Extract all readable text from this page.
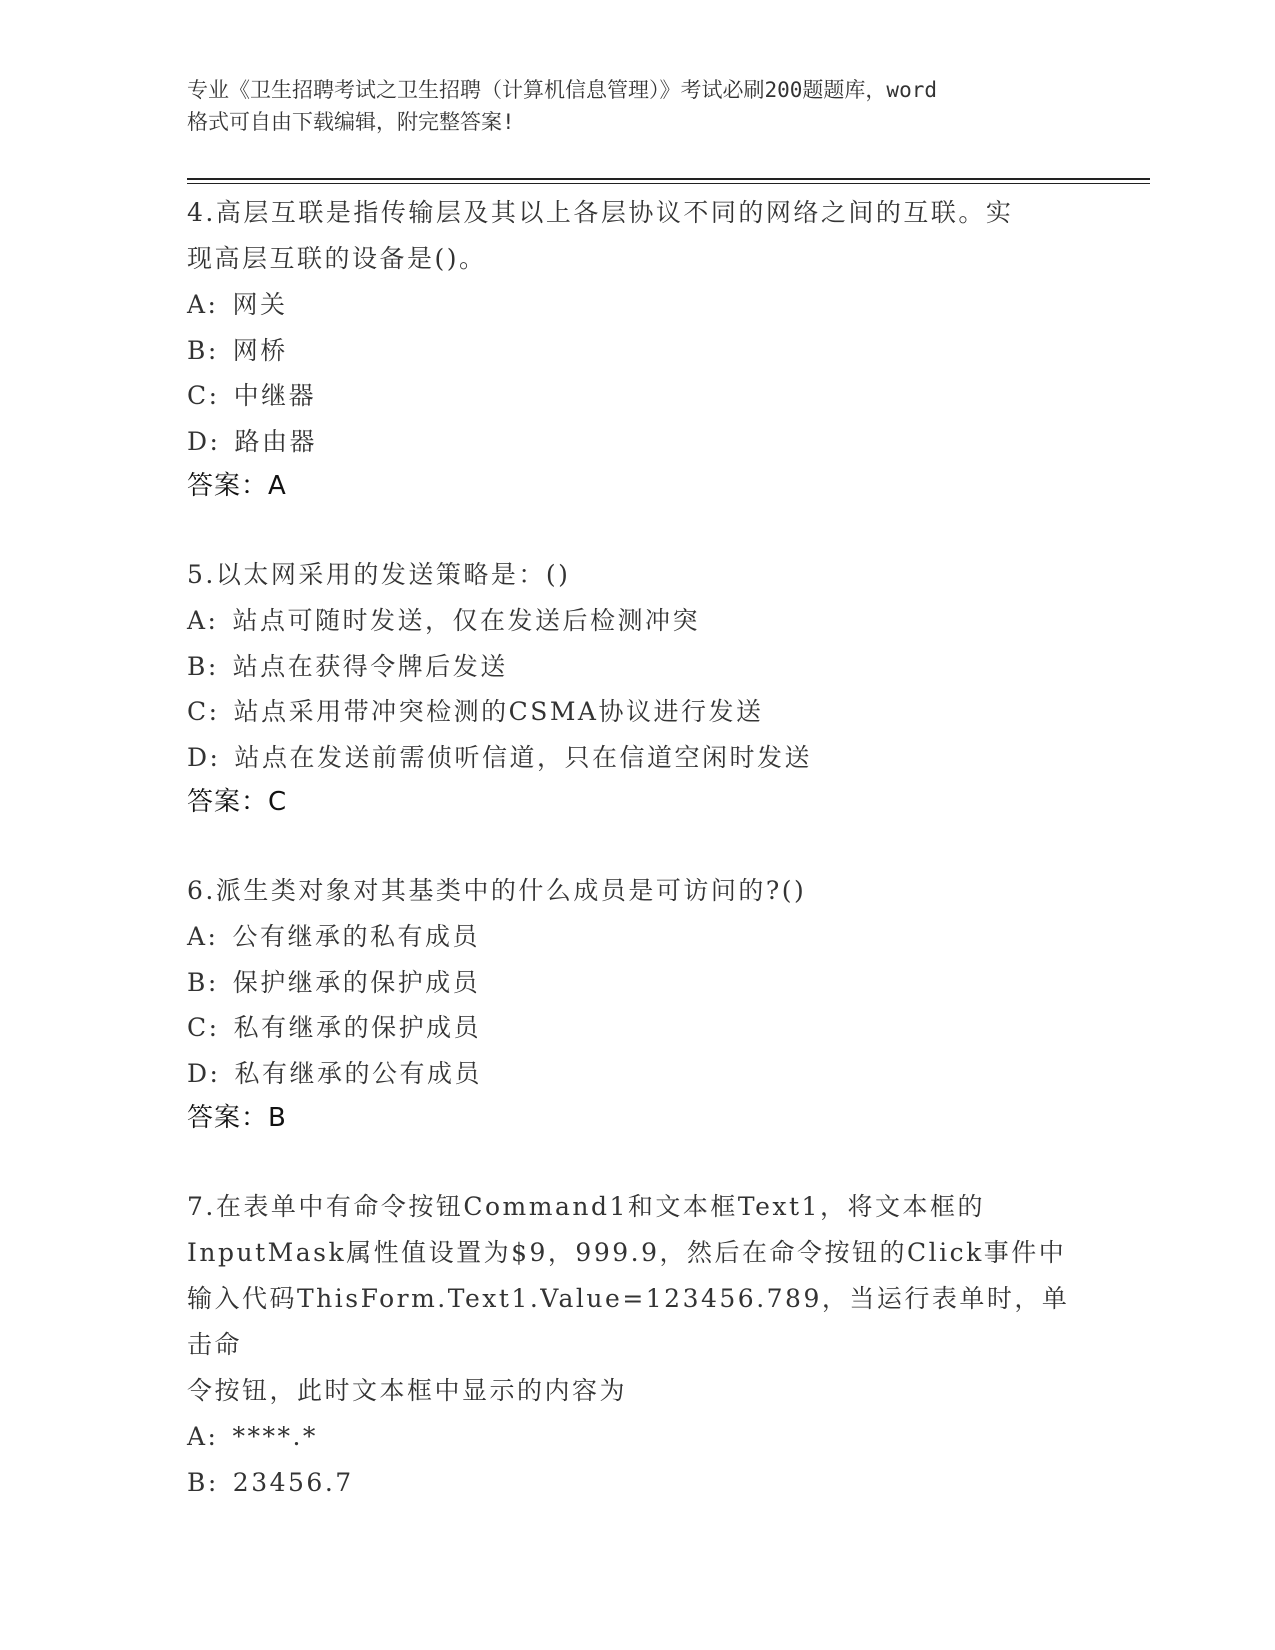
专业《卫生招聘考试之卫生招聘（计算机信息管理）》考试必刷200题题库，word
格式可自由下载编辑，附完整答案!
4.高层互联是指传输层及其以上各层协议不同的网络之间的互联。实
现高层互联的设备是()。
A: 网关
B: 网桥
C: 中继器
D: 路由器
答案：A
5.以太网采用的发送策略是：()
A: 站点可随时发送，仅在发送后检测冲突
B: 站点在获得令牌后发送
C: 站点采用带冲突检测的CSMA协议进行发送
D: 站点在发送前需侦听信道，只在信道空闲时发送
答案：C
6.派生类对象对其基类中的什么成员是可访问的?()
A: 公有继承的私有成员
B: 保护继承的保护成员
C: 私有继承的保护成员
D: 私有继承的公有成员
答案：B
7.在表单中有命令按钮Command1和文本框Text1，将文本框的
InputMask属性值设置为$9，999.9，然后在命令按钮的Click事件中
输入代码ThisForm.Text1.Value=123456.789，当运行表单时，单击命
令按钮，此时文本框中显示的内容为
A: ****.*
B: 23456.7
